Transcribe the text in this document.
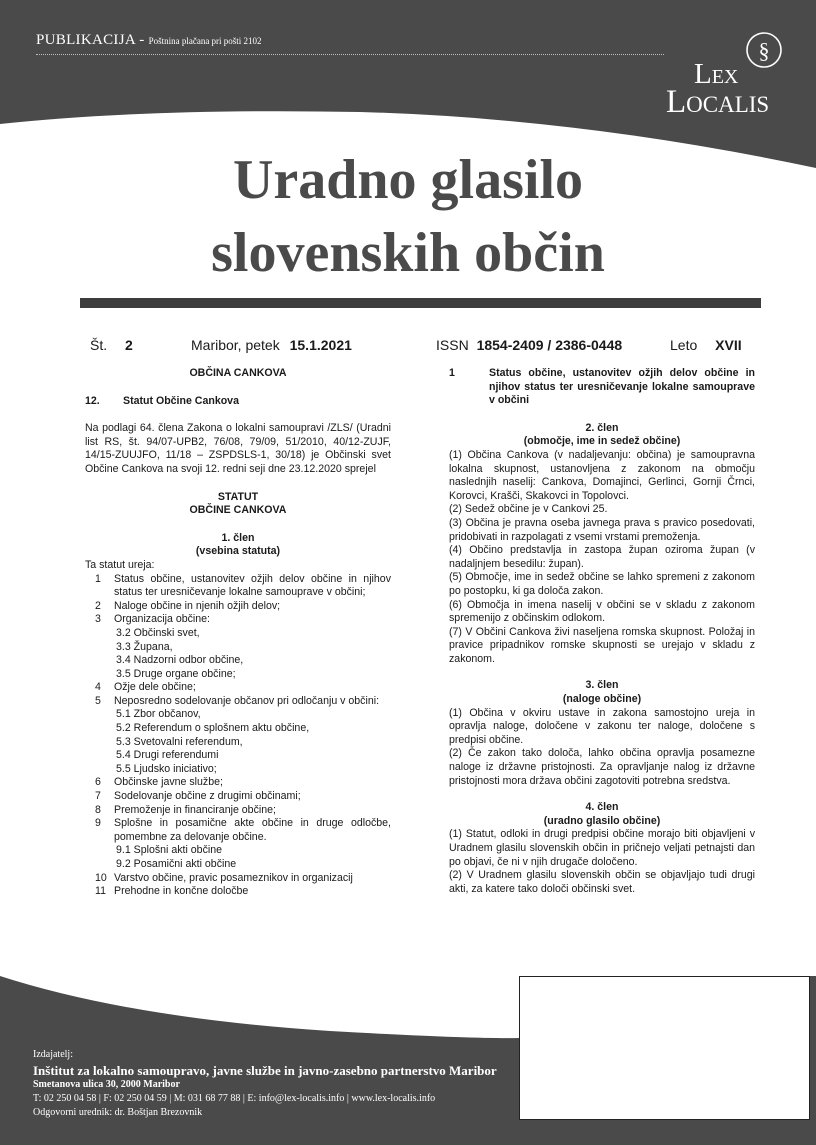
PUBLIKACIJA - Poštnina plačana pri pošti 2102	§
Lex
Localis
Uradno glasilo
slovenskih občin
Št. 2	Maribor, petek 15.1.2021	ISSN 1854-2409 / 2386-0448	Leto XVII
OBČINA CANKOVA
12.	Statut Občine Cankova

Na podlagi 64. člena Zakona o lokalni samoupravi /ZLS/ (Uradni list RS, št. 94/07-UPB2, 76/08, 79/09, 51/2010, 40/12-ZUJF, 14/15-ZUUJFO, 11/18 – ZSPDSLS-1, 30/18) je Občinski svet Občine Cankova na svoji 12. redni seji dne 23.12.2020 sprejel

STATUT
OBČINE CANKOVA
1. člen
(vsebina statuta)
Ta statut ureja:
1	Status občine, ustanovitev ožjih delov občine in njihov status ter uresničevanje lokalne samouprave v občini;
2	Naloge občine in njenih ožjih delov;
3	Organizacija občine:
3.2 Občinski svet,
3.3 Župana,
3.4 Nadzorni odbor občine,
3.5 Druge organe občine;
4	Ožje dele občine;
5	Neposredno sodelovanje občanov pri odločanju v občini:
5.1 Zbor občanov,
5.2 Referendum o splošnem aktu občine,
5.3 Svetovalni referendum,
5.4 Drugi referendumi
5.5 Ljudsko iniciativo;
6	Občinske javne službe;
7	Sodelovanje občine z drugimi občinami;
8	Premoženje in financiranje občine;
9	Splošne in posamične akte občine in druge odločbe, pomembne za delovanje občine.
9.1 Splošni akti občine
9.2 Posamični akti občine
10 Varstvo občine, pravic posameznikov in organizacij
11 Prehodne in končne določbe
1	Status občine, ustanovitev ožjih delov občine in njihov status ter uresničevanje lokalne samouprave v občini
2. člen
(območje, ime in sedež občine)

(1) Občina Cankova (v nadaljevanju: občina) je samoupravna lokalna skupnost, ustanovljena z zakonom na območju naslednjih naselij: Cankova, Domajinci, Gerlinci, Gornji Črnci, Korovci, Krašči, Skakovci in Topolovci.

(2) Sedež občine je v Cankovi 25.

(3) Občina je pravna oseba javnega prava s pravico posedovati, pridobivati in razpolagati z vsemi vrstami premoženja.

(4) Občino predstavlja in zastopa župan oziroma župan (v nadaljnjem besedilu: župan).

(5) Območje, ime in sedež občine se lahko spremeni z zakonom po postopku, ki ga določa zakon.

(6) Območja in imena naselij v občini se v skladu z zakonom spremenijo z občinskim odlokom.

(7) V Občini Cankova živi naseljena romska skupnost. Položaj in pravice pripadnikov romske skupnosti se urejajo v skladu z zakonom.

3. člen
(naloge občine)

(1) Občina v okviru ustave in zakona samostojno ureja in opravlja naloge, določene v zakonu ter naloge, določene s predpisi občine.

(2) Če zakon tako določa, lahko občina opravlja posamezne naloge iz državne pristojnosti. Za opravljanje nalog iz državne pristojnosti mora država občini zagotoviti potrebna sredstva.

4. člen
(uradno glasilo občine)

(1) Statut, odloki in drugi predpisi občine morajo biti objavljeni v Uradnem glasilu slovenskih občin in pričnejo veljati petnajsti dan po objavi, če ni v njih drugače določeno.

(2) V Uradnem glasilu slovenskih občin se objavljajo tudi drugi akti, za katere tako določi občinski svet.

Izdajatelj:
Inštitut za lokalno samoupravo, javne službe in javno-zasebno partnerstvo Maribor
Smetanova ulica 30, 2000 Maribor
T: 02 250 04 58 | F: 02 250 04 59 | M: 031 68 77 88 | E: info@lex-localis.info | www.lex-localis.info
Odgovorni urednik: dr. Boštjan Brezovnik
